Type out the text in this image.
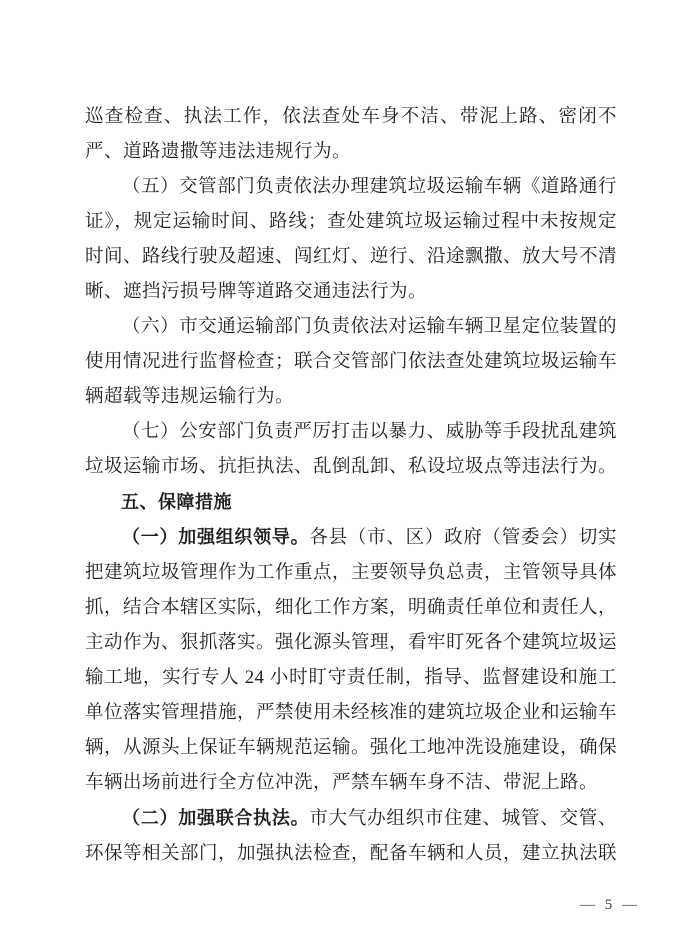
巡查检查、执法工作，依法查处车身不洁、带泥上路、密闭不严、道路遗撒等违法违规行为。

（五）交管部门负责依法办理建筑垃圾运输车辆《道路通行证》，规定运输时间、路线；查处建筑垃圾运输过程中未按规定时间、路线行驶及超速、闯红灯、逆行、沿途飘撒、放大号不清晰、遮挡污损号牌等道路交通违法行为。

（六）市交通运输部门负责依法对运输车辆卫星定位装置的使用情况进行监督检查；联合交管部门依法查处建筑垃圾运输车辆超载等违规运输行为。

（七）公安部门负责严厉打击以暴力、威胁等手段扰乱建筑垃圾运输市场、抗拒执法、乱倒乱卸、私设垃圾点等违法行为。

五、保障措施

（一）加强组织领导。各县（市、区）政府（管委会）切实把建筑垃圾管理作为工作重点，主要领导负总责，主管领导具体抓，结合本辖区实际，细化工作方案，明确责任单位和责任人，主动作为、狠抓落实。强化源头管理，看牢盯死各个建筑垃圾运输工地，实行专人 24 小时盯守责任制，指导、监督建设和施工单位落实管理措施，严禁使用未经核准的建筑垃圾企业和运输车辆，从源头上保证车辆规范运输。强化工地冲洗设施建设，确保车辆出场前进行全方位冲洗，严禁车辆车身不洁、带泥上路。

（二）加强联合执法。市大气办组织市住建、城管、交管、环保等相关部门，加强执法检查，配备车辆和人员，建立执法联

— 5 —
